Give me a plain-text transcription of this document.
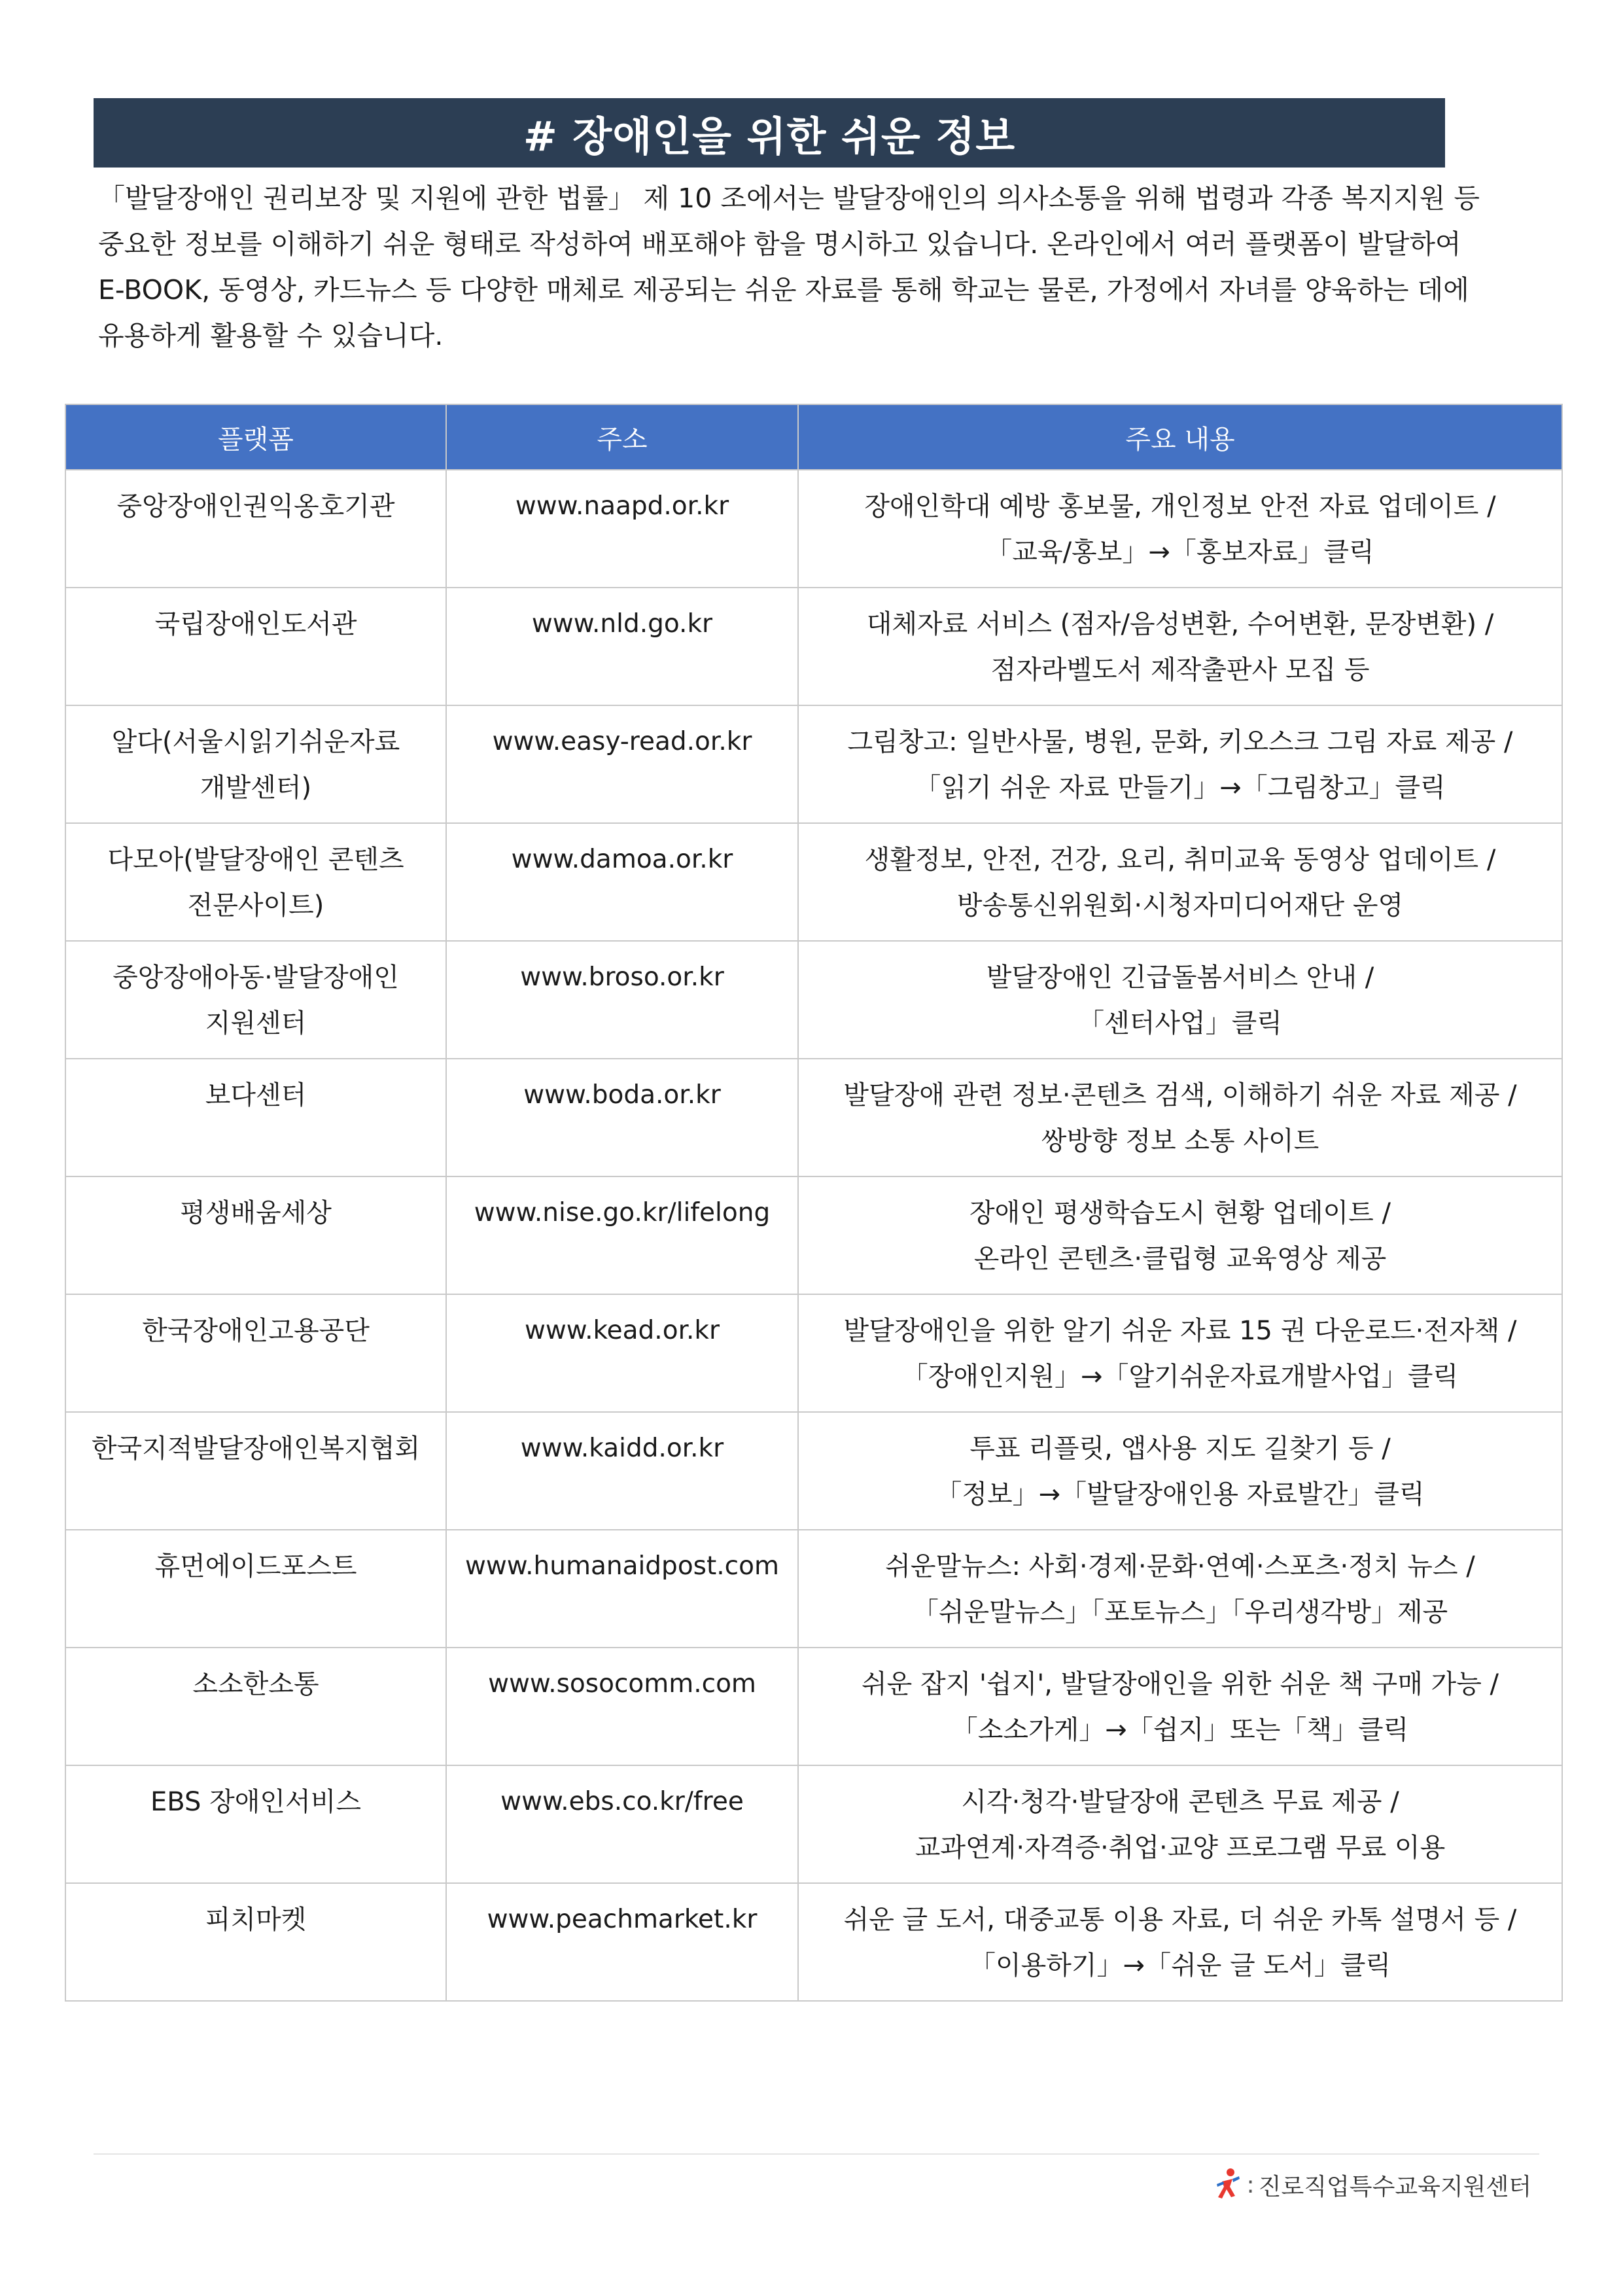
# 장애인을 위한 쉬운 정보

「발달장애인 권리보장 및 지원에 관한 법률」 제 10 조에서는 발달장애인의 의사소통을 위해 법령과 각종 복지지원 등

중요한 정보를 이해하기 쉬운 형태로 작성하여 배포해야 함을 명시하고 있습니다. 온라인에서 여러 플랫폼이 발달하여

E-BOOK, 동영상, 카드뉴스 등 다양한 매체로 제공되는 쉬운 자료를 통해 학교는 물론, 가정에서 자녀를 양육하는 데에

유용하게 활용할 수 있습니다.

플랫폼	주소	주요 내용

중앙장애인권익옹호기관	www.naapd.or.kr	장애인학대 예방 홍보물, 개인정보 안전 자료 업데이트 /
「교육/홍보」→「홍보자료」클릭

국립장애인도서관	www.nld.go.kr	대체자료 서비스 (점자/음성변환, 수어변환, 문장변환) /
점자라벨도서 제작출판사 모집 등

알다(서울시읽기쉬운자료
개발센터)	www.easy-read.or.kr	그림창고: 일반사물, 병원, 문화, 키오스크 그림 자료 제공 /
「읽기 쉬운 자료 만들기」→「그림창고」클릭

다모아(발달장애인 콘텐츠
전문사이트)	www.damoa.or.kr	생활정보, 안전, 건강, 요리, 취미교육 동영상 업데이트 /
방송통신위원회·시청자미디어재단 운영

중앙장애아동·발달장애인
지원센터	www.broso.or.kr	발달장애인 긴급돌봄서비스 안내 /
「센터사업」클릭

보다센터	www.boda.or.kr	발달장애 관련 정보·콘텐츠 검색, 이해하기 쉬운 자료 제공 /
쌍방향 정보 소통 사이트

평생배움세상	www.nise.go.kr/lifelong	장애인 평생학습도시 현황 업데이트 /
온라인 콘텐츠·클립형 교육영상 제공

한국장애인고용공단	www.kead.or.kr	발달장애인을 위한 알기 쉬운 자료 15 권 다운로드·전자책 /
「장애인지원」→「알기쉬운자료개발사업」클릭

한국지적발달장애인복지협회	www.kaidd.or.kr	투표 리플릿, 앱사용 지도 길찾기 등 /
「정보」→「발달장애인용 자료발간」클릭

휴먼에이드포스트	www.humanaidpost.com	쉬운말뉴스: 사회·경제·문화·연예·스포츠·정치 뉴스 /
「쉬운말뉴스」「포토뉴스」「우리생각방」제공

소소한소통	www.sosocomm.com	쉬운 잡지 '쉽지', 발달장애인을 위한 쉬운 책 구매 가능 /
「소소가게」→「쉽지」또는「책」클릭

EBS 장애인서비스	www.ebs.co.kr/free	시각·청각·발달장애 콘텐츠 무료 제공 /
교과연계·자격증·취업·교양 프로그램 무료 이용

피치마켓	www.peachmarket.kr	쉬운 글 도서, 대중교통 이용 자료, 더 쉬운 카톡 설명서 등 /
「이용하기」→「쉬운 글 도서」클릭
: 진로직업특수교육지원센터
